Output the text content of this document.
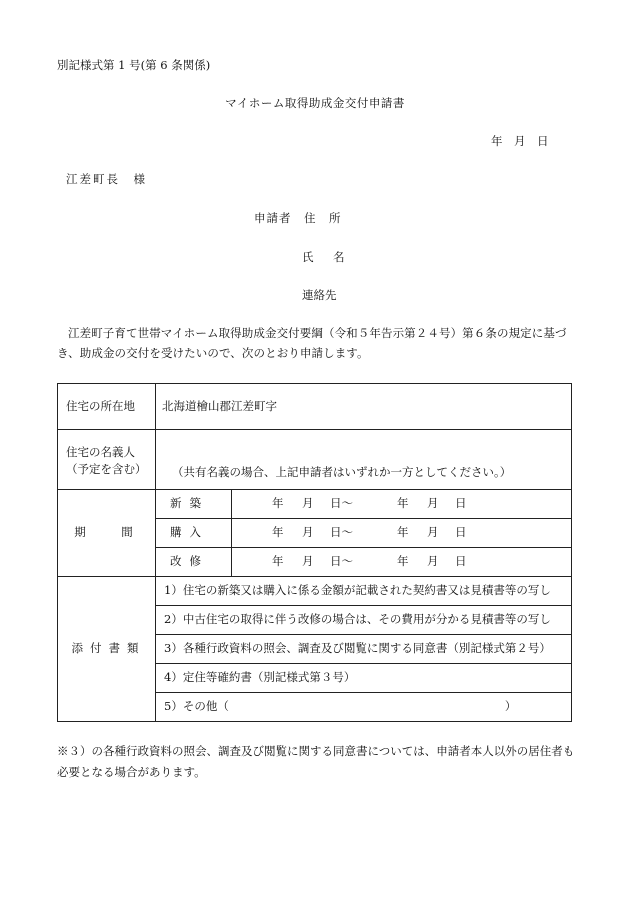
別記様式第 1 号(第 6 条関係)
マイホーム取得助成金交付申請書
年　月　日
江差町長　様
申請者　住　所
氏　名
連絡先
江差町子育て世帯マイホーム取得助成金交付要綱（令和５年告示第２４号）第６条の規定に基づき、助成金の交付を受けたいので、次のとおり申請します。
住宅の所在地	北海道檜山郡江差町字	

住宅の名義人
（予定を含む）	（共有名義の場合、上記申請者はいずれか一方としてください。）	

期　間	新築	年 月 日～ 年 月 日
	購入	年 月 日～ 年 月 日
	改修	年 月 日～ 年 月 日
添付書類	1）住宅の新築又は購入に係る金額が記載された契約書又は見積書等の写し	
	2）中古住宅の取得に伴う改修の場合は、その費用が分かる見積書等の写し	
	3）各種行政資料の照会、調査及び閲覧に関する同意書（別記様式第２号）	
	4）定住等確約書（別記様式第３号）	
	5）その他（　　　　　　　　　　　　　　　　　　　　　　　　）	
※３）の各種行政資料の照会、調査及び閲覧に関する同意書については、申請者本人以外の居住者も必要となる場合があります。
